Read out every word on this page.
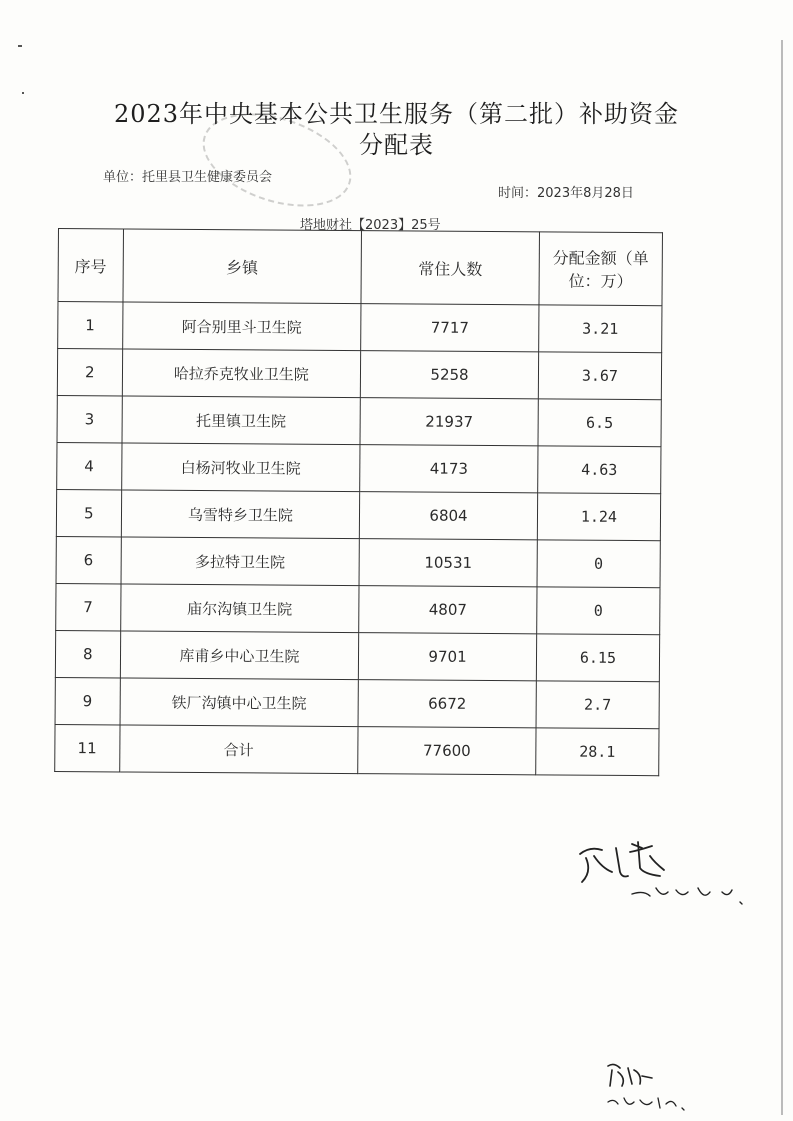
2023年中央基本公共卫生服务（第二批）补助资金
分配表
单位：托里县卫生健康委员会
时间：2023年8月28日
塔地财社【2023】25号
序号	乡镇	常住人数	分配金额（单位：万）
1	阿合别里斗卫生院	7717	3.21
2	哈拉乔克牧业卫生院	5258	3.67
3	托里镇卫生院	21937	6.5
4	白杨河牧业卫生院	4173	4.63
5	乌雪特乡卫生院	6804	1.24
6	多拉特卫生院	10531	0
7	庙尔沟镇卫生院	4807	0
8	库甫乡中心卫生院	9701	6.15
9	铁厂沟镇中心卫生院	6672	2.7
11	合计	77600	28.1
